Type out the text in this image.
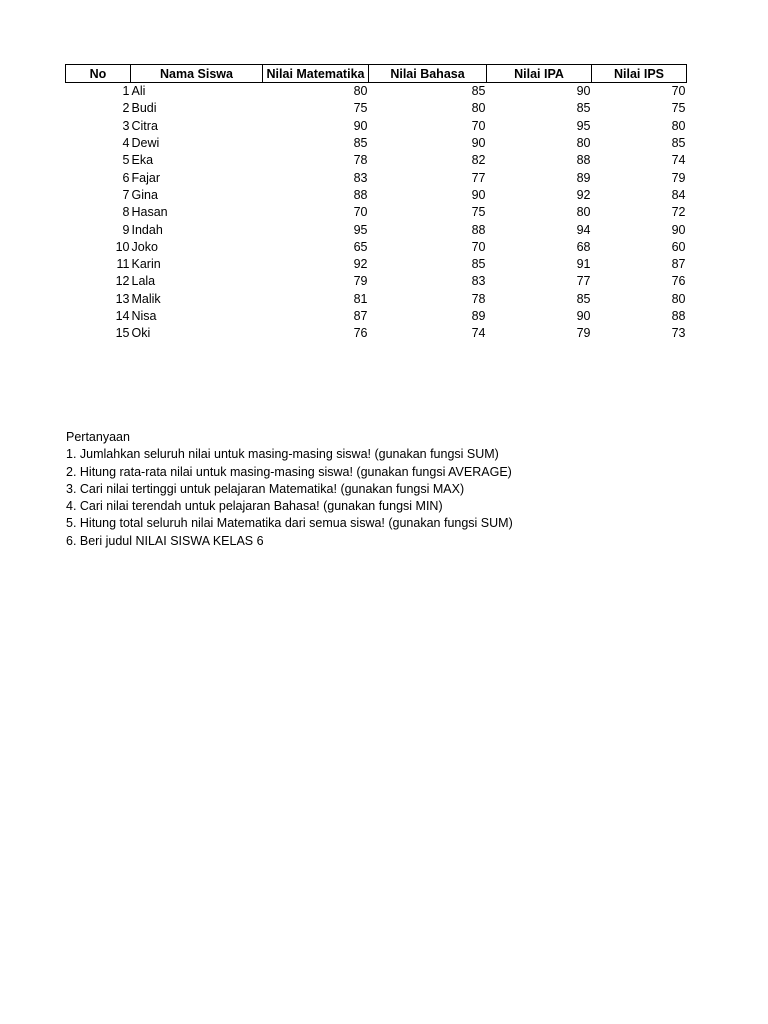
No	Nama Siswa	Nilai Matematika	Nilai Bahasa	Nilai IPA	Nilai IPS
1	Ali	80	85	90	70
2	Budi	75	80	85	75
3	Citra	90	70	95	80
4	Dewi	85	90	80	85
5	Eka	78	82	88	74
6	Fajar	83	77	89	79
7	Gina	88	90	92	84
8	Hasan	70	75	80	72
9	Indah	95	88	94	90
10	Joko	65	70	68	60
11	Karin	92	85	91	87
12	Lala	79	83	77	76
13	Malik	81	78	85	80
14	Nisa	87	89	90	88
15	Oki	76	74	79	73
Pertanyaan
1. Jumlahkan seluruh nilai untuk masing-masing siswa! (gunakan fungsi SUM)
2. Hitung rata-rata nilai untuk masing-masing siswa! (gunakan fungsi AVERAGE)
3. Cari nilai tertinggi untuk pelajaran Matematika! (gunakan fungsi MAX)
4. Cari nilai terendah untuk pelajaran Bahasa! (gunakan fungsi MIN)
5. Hitung total seluruh nilai Matematika dari semua siswa! (gunakan fungsi SUM)
6. Beri judul NILAI SISWA KELAS 6
